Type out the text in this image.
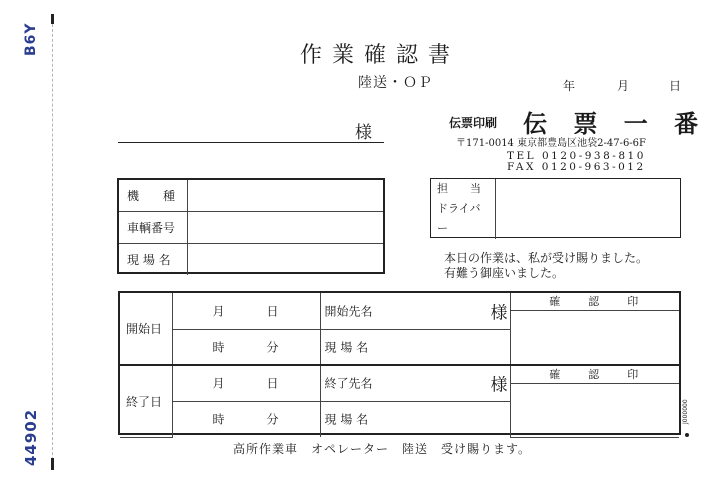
B6Y
44902
作業確認書
陸送・ＯＰ	年	月	日
様	伝票印刷 伝 票 一 番
〒171-0014 東京都豊島区池袋2-47-6-6F
TEL 0120-938-810
FAX 0120-963-012
機　　種	
車輌番号	
現 場 名	
担　　当
ドライバー

本日の作業は、私が受け賜りました。
有難う御座いました。
開始日	月 日	開始先名 様	確　　認　　印

	時 分	現 場 名	

終了日	月 日	終了先名 様	確　　認　　印

	時 分	現 場 名		J000000
高所作業車　オペレーター　陸送　受け賜ります。
